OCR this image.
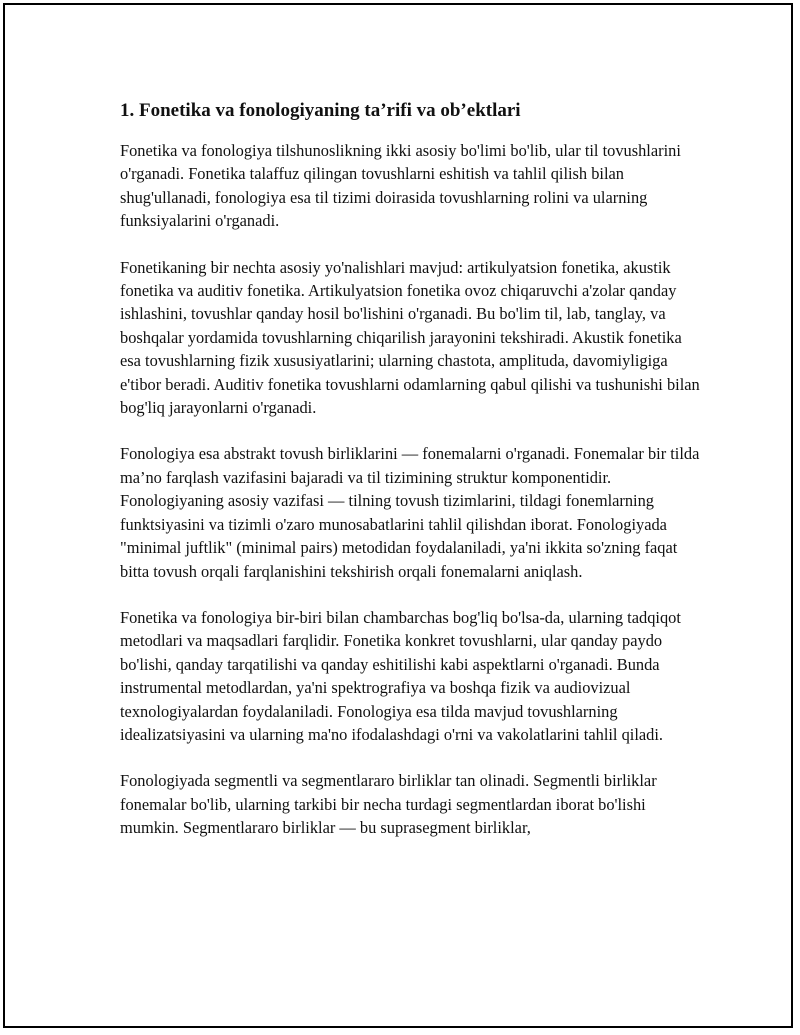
1. Fonetika va fonologiyaning ta’rifi va ob’ektlari

Fonetika va fonologiya tilshunoslikning ikki asosiy bo'limi bo'lib, ular til tovushlarini o'rganadi. Fonetika talaffuz qilingan tovushlarni eshitish va tahlil qilish bilan shug'ullanadi, fonologiya esa til tizimi doirasida tovushlarning rolini va ularning funksiyalarini o'rganadi.

Fonetikaning bir nechta asosiy yo'nalishlari mavjud: artikulyatsion fonetika, akustik fonetika va auditiv fonetika. Artikulyatsion fonetika ovoz chiqaruvchi a'zolar qanday ishlashini, tovushlar qanday hosil bo'lishini o'rganadi. Bu bo'lim til, lab, tanglay, va boshqalar yordamida tovushlarning chiqarilish jarayonini tekshiradi. Akustik fonetika esa tovushlarning fizik xususiyatlarini; ularning chastota, amplituda, davomiyligiga e'tibor beradi. Auditiv fonetika tovushlarni odamlarning qabul qilishi va tushunishi bilan bog'liq jarayonlarni o'rganadi.

Fonologiya esa abstrakt tovush birliklarini — fonemalarni o'rganadi. Fonemalar bir tilda ma’no farqlash vazifasini bajaradi va til tizimining struktur komponentidir. Fonologiyaning asosiy vazifasi — tilning tovush tizimlarini, tildagi fonemlarning funktsiyasini va tizimli o'zaro munosabatlarini tahlil qilishdan iborat. Fonologiyada "minimal juftlik" (minimal pairs) metodidan foydalaniladi, ya'ni ikkita so'zning faqat bitta tovush orqali farqlanishini tekshirish orqali fonemalarni aniqlash.

Fonetika va fonologiya bir-biri bilan chambarchas bog'liq bo'lsa-da, ularning tadqiqot metodlari va maqsadlari farqlidir. Fonetika konkret tovushlarni, ular qanday paydo bo'lishi, qanday tarqatilishi va qanday eshitilishi kabi aspektlarni o'rganadi. Bunda instrumental metodlardan, ya'ni spektrografiya va boshqa fizik va audiovizual texnologiyalardan foydalaniladi. Fonologiya esa tilda mavjud tovushlarning idealizatsiyasini va ularning ma'no ifodalashdagi o'rni va vakolatlarini tahlil qiladi.

Fonologiyada segmentli va segmentlararo birliklar tan olinadi. Segmentli birliklar fonemalar bo'lib, ularning tarkibi bir necha turdagi segmentlardan iborat bo'lishi mumkin. Segmentlararo birliklar — bu suprasegment birliklar,
